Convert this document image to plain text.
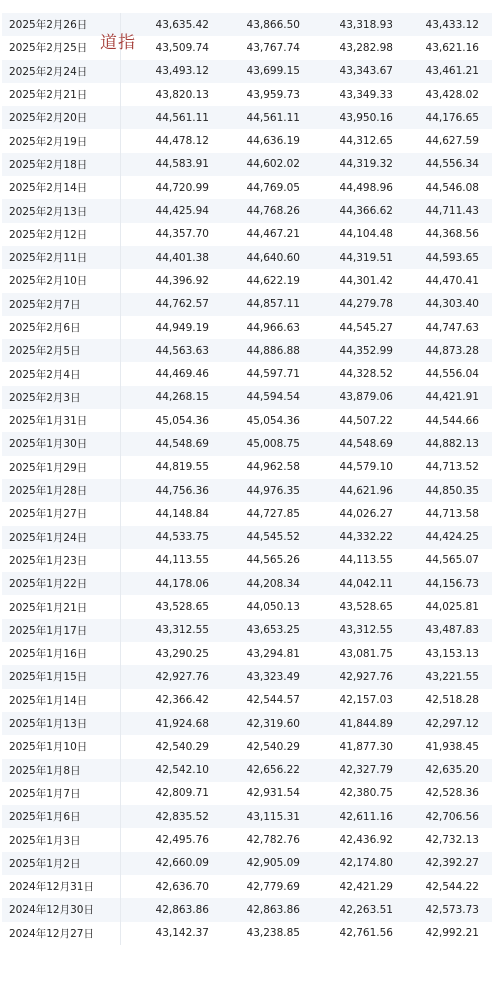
2025年2月26日	43,635.42	43,866.50	43,318.93	43,433.12
2025年2月25日	43,509.74	43,767.74	43,282.98	43,621.16
2025年2月24日	43,493.12	43,699.15	43,343.67	43,461.21
2025年2月21日	43,820.13	43,959.73	43,349.33	43,428.02
2025年2月20日	44,561.11	44,561.11	43,950.16	44,176.65
2025年2月19日	44,478.12	44,636.19	44,312.65	44,627.59
2025年2月18日	44,583.91	44,602.02	44,319.32	44,556.34
2025年2月14日	44,720.99	44,769.05	44,498.96	44,546.08
2025年2月13日	44,425.94	44,768.26	44,366.62	44,711.43
2025年2月12日	44,357.70	44,467.21	44,104.48	44,368.56
2025年2月11日	44,401.38	44,640.60	44,319.51	44,593.65
2025年2月10日	44,396.92	44,622.19	44,301.42	44,470.41
2025年2月7日	44,762.57	44,857.11	44,279.78	44,303.40
2025年2月6日	44,949.19	44,966.63	44,545.27	44,747.63
2025年2月5日	44,563.63	44,886.88	44,352.99	44,873.28
2025年2月4日	44,469.46	44,597.71	44,328.52	44,556.04
2025年2月3日	44,268.15	44,594.54	43,879.06	44,421.91
2025年1月31日	45,054.36	45,054.36	44,507.22	44,544.66
2025年1月30日	44,548.69	45,008.75	44,548.69	44,882.13
2025年1月29日	44,819.55	44,962.58	44,579.10	44,713.52
2025年1月28日	44,756.36	44,976.35	44,621.96	44,850.35
2025年1月27日	44,148.84	44,727.85	44,026.27	44,713.58
2025年1月24日	44,533.75	44,545.52	44,332.22	44,424.25
2025年1月23日	44,113.55	44,565.26	44,113.55	44,565.07
2025年1月22日	44,178.06	44,208.34	44,042.11	44,156.73
2025年1月21日	43,528.65	44,050.13	43,528.65	44,025.81
2025年1月17日	43,312.55	43,653.25	43,312.55	43,487.83
2025年1月16日	43,290.25	43,294.81	43,081.75	43,153.13
2025年1月15日	42,927.76	43,323.49	42,927.76	43,221.55
2025年1月14日	42,366.42	42,544.57	42,157.03	42,518.28
2025年1月13日	41,924.68	42,319.60	41,844.89	42,297.12
2025年1月10日	42,540.29	42,540.29	41,877.30	41,938.45
2025年1月8日	42,542.10	42,656.22	42,327.79	42,635.20
2025年1月7日	42,809.71	42,931.54	42,380.75	42,528.36
2025年1月6日	42,835.52	43,115.31	42,611.16	42,706.56
2025年1月3日	42,495.76	42,782.76	42,436.92	42,732.13
2025年1月2日	42,660.09	42,905.09	42,174.80	42,392.27
2024年12月31日	42,636.70	42,779.69	42,421.29	42,544.22
2024年12月30日	42,863.86	42,863.86	42,263.51	42,573.73
2024年12月27日	43,142.37	43,238.85	42,761.56	42,992.21
道指
